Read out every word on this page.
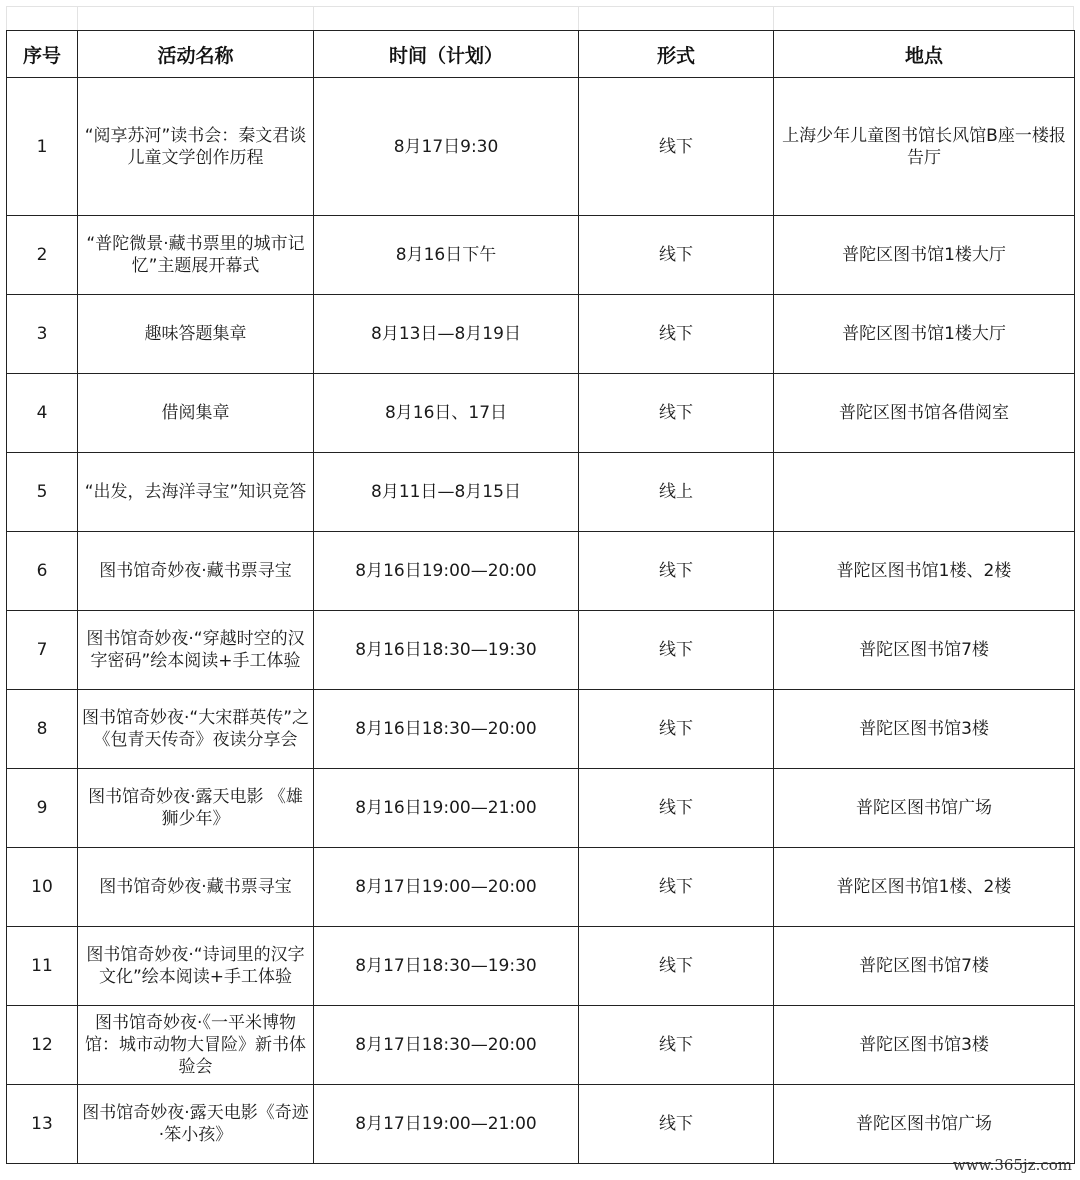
序号	活动名称	时间（计划）	形式	地点
1	“阅享苏河”读书会：秦文君谈儿童文学创作历程	8月17日9:30	线下	上海少年儿童图书馆长风馆B座一楼报告厅
2	“普陀微景·藏书票里的城市记忆”主题展开幕式	8月16日下午	线下	普陀区图书馆1楼大厅
3	趣味答题集章	8月13日—8月19日	线下	普陀区图书馆1楼大厅
4	借阅集章	8月16日、17日	线下	普陀区图书馆各借阅室
5	“出发，去海洋寻宝”知识竞答	8月11日—8月15日	线上	
6	图书馆奇妙夜·藏书票寻宝	8月16日19:00—20:00	线下	普陀区图书馆1楼、2楼
7	图书馆奇妙夜·“穿越时空的汉字密码”绘本阅读+手工体验	8月16日18:30—19:30	线下	普陀区图书馆7楼
8	图书馆奇妙夜·“大宋群英传”之《包青天传奇》夜读分享会	8月16日18:30—20:00	线下	普陀区图书馆3楼
9	图书馆奇妙夜·露天电影 《雄狮少年》	8月16日19:00—21:00	线下	普陀区图书馆广场
10	图书馆奇妙夜·藏书票寻宝	8月17日19:00—20:00	线下	普陀区图书馆1楼、2楼
11	图书馆奇妙夜·“诗词里的汉字文化”绘本阅读+手工体验	8月17日18:30—19:30	线下	普陀区图书馆7楼
12	图书馆奇妙夜·《一平米博物馆：城市动物大冒险》新书体验会	8月17日18:30—20:00	线下	普陀区图书馆3楼
13	图书馆奇妙夜·露天电影《奇迹·笨小孩》	8月17日19:00—21:00	线下	普陀区图书馆广场
www.365jz.com
